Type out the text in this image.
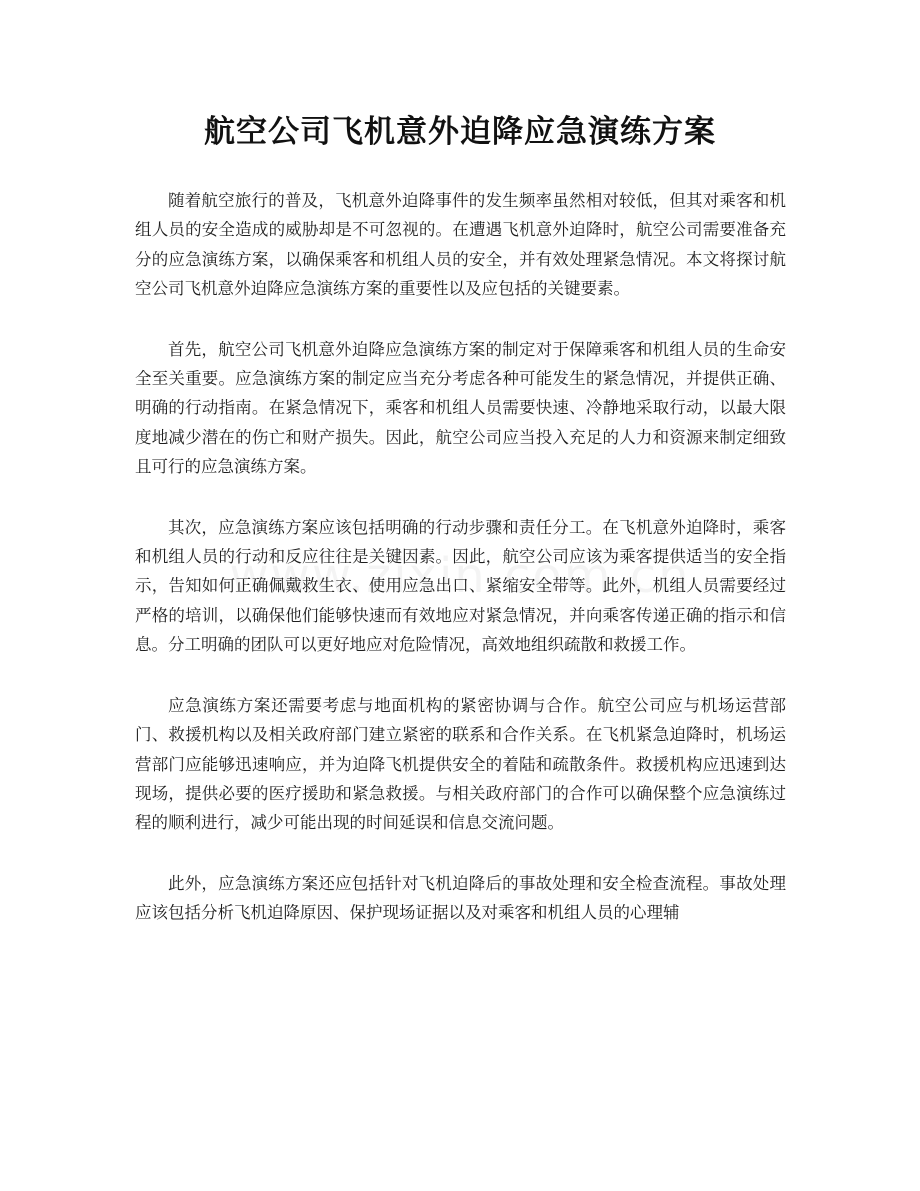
航空公司飞机意外迫降应急演练方案

随着航空旅行的普及，飞机意外迫降事件的发生频率虽然相对较低，但其对乘客和机组人员的安全造成的威胁却是不可忽视的。在遭遇飞机意外迫降时，航空公司需要准备充分的应急演练方案，以确保乘客和机组人员的安全，并有效处理紧急情况。本文将探讨航空公司飞机意外迫降应急演练方案的重要性以及应包括的关键要素。

首先，航空公司飞机意外迫降应急演练方案的制定对于保障乘客和机组人员的生命安全至关重要。应急演练方案的制定应当充分考虑各种可能发生的紧急情况，并提供正确、明确的行动指南。在紧急情况下，乘客和机组人员需要快速、冷静地采取行动，以最大限度地减少潜在的伤亡和财产损失。因此，航空公司应当投入充足的人力和资源来制定细致且可行的应急演练方案。

其次，应急演练方案应该包括明确的行动步骤和责任分工。在飞机意外迫降时，乘客和机组人员的行动和反应往往是关键因素。因此，航空公司应该为乘客提供适当的安全指示，告知如何正确佩戴救生衣、使用应急出口、紧缩安全带等。此外，机组人员需要经过严格的培训，以确保他们能够快速而有效地应对紧急情况，并向乘客传递正确的指示和信息。分工明确的团队可以更好地应对危险情况，高效地组织疏散和救援工作。

应急演练方案还需要考虑与地面机构的紧密协调与合作。航空公司应与机场运营部门、救援机构以及相关政府部门建立紧密的联系和合作关系。在飞机紧急迫降时，机场运营部门应能够迅速响应，并为迫降飞机提供安全的着陆和疏散条件。救援机构应迅速到达现场，提供必要的医疗援助和紧急救援。与相关政府部门的合作可以确保整个应急演练过程的顺利进行，减少可能出现的时间延误和信息交流问题。

此外，应急演练方案还应包括针对飞机迫降后的事故处理和安全检查流程。事故处理应该包括分析飞机迫降原因、保护现场证据以及对乘客和机组人员的心理辅
